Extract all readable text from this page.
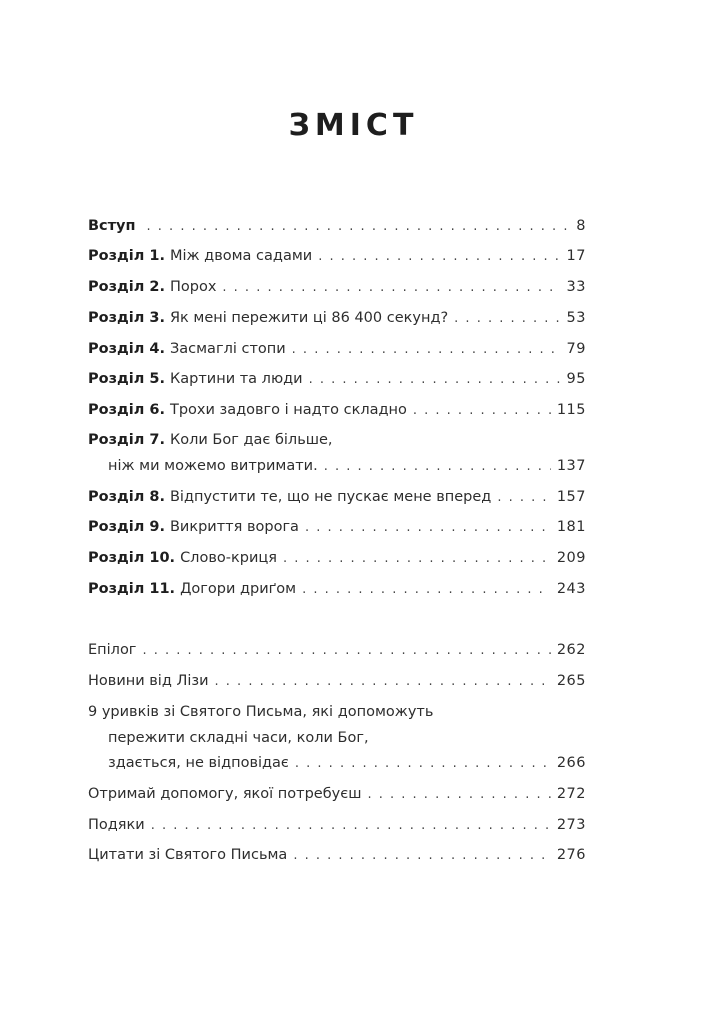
ЗМІСТ
Вступ . . .	8
Розділ 1. Між двома садами . . .	17
Розділ 2. Порох . . .	33
Розділ 3. Як мені пережити ці 86 400 секунд? . . .	53
Розділ 4. Засмаглі стопи . . .	79
Розділ 5. Картини та люди . . .	95
Розділ 6. Трохи задовго і надто складно . . .	115
Розділ 7. Коли Бог дає більше,
ніж ми можемо витримати. . . .	137
Розділ 8. Відпустити те, що не пускає мене вперед . . .	157
Розділ 9. Викриття ворога . . .	181
Розділ 10. Слово-криця . . .	209
Розділ 11. Догори дриґом . . .	243
Епілог . . .	262
Новини від Лізи . . .	265
9 уривків зі Святого Письма, які допоможуть
пережити складні часи, коли Бог,
здається, не відповідає . . .	266
Отримай допомогу, якої потребуєш . . .	272
Подяки . . .	273
Цитати зі Святого Письма . . .	276
